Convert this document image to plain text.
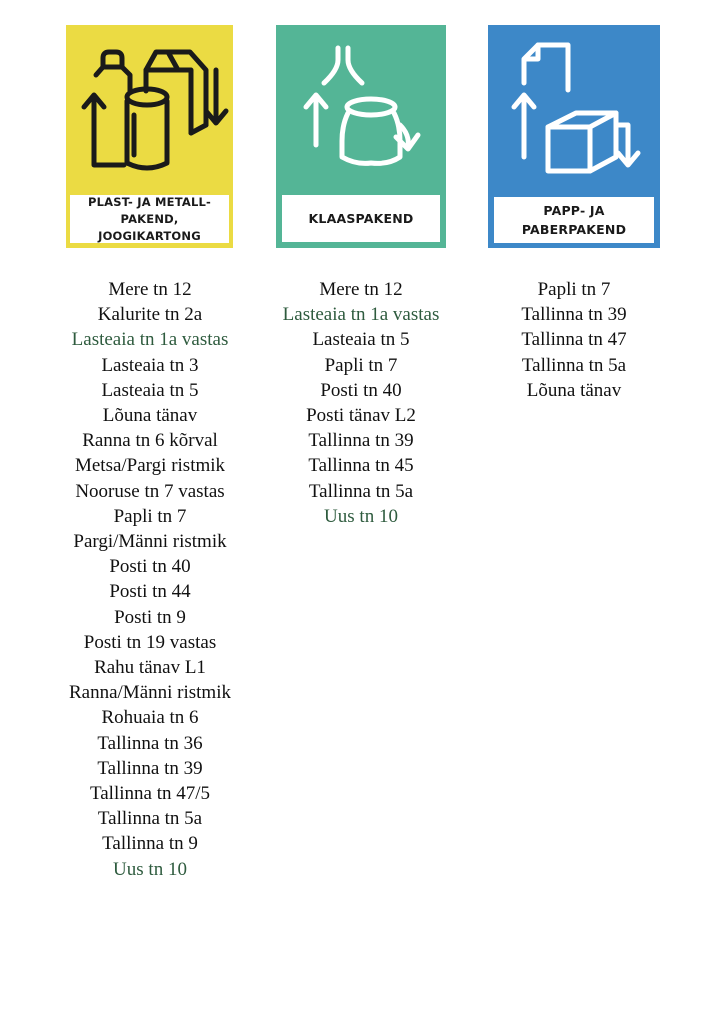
PLAST- JA METALL-
PAKEND, JOOGIKARTONG
KLAASPAKEND
PAPP- JA
PABERPAKEND
Mere tn 12
Kalurite tn 2a
Lasteaia tn 1a vastas
Lasteaia tn 3
Lasteaia tn 5
Lõuna tänav
Ranna tn 6 kõrval
Metsa/Pargi ristmik
Nooruse tn 7 vastas
Papli tn 7
Pargi/Männi ristmik
Posti tn 40
Posti tn 44
Posti tn 9
Posti tn 19 vastas
Rahu tänav L1
Ranna/Männi ristmik
Rohuaia tn 6
Tallinna tn 36
Tallinna tn 39
Tallinna tn 47/5
Tallinna tn 5a
Tallinna tn 9
Uus tn 10
Mere tn 12
Lasteaia tn 1a vastas
Lasteaia tn 5
Papli tn 7
Posti tn 40
Posti tänav L2
Tallinna tn 39
Tallinna tn 45
Tallinna tn 5a
Uus tn 10
Papli tn 7
Tallinna tn 39
Tallinna tn 47
Tallinna tn 5a
Lõuna tänav
